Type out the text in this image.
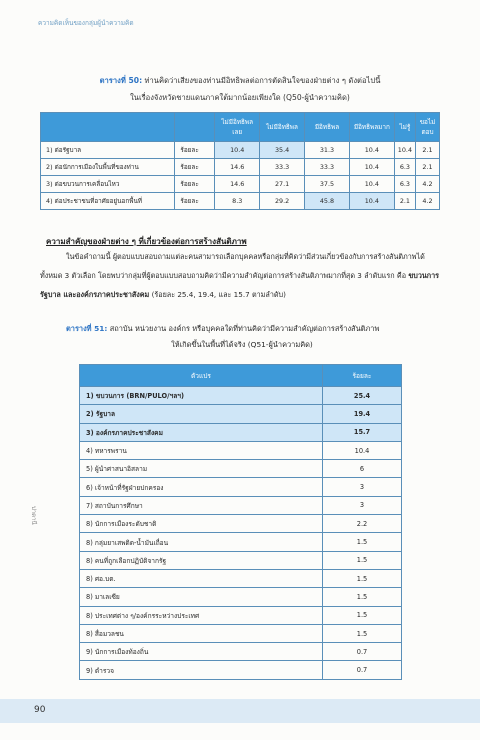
ความคิดเห็นของกลุ่มผู้นำความคิด
ตารางที่ 50: ท่านคิดว่าเสียงของท่านมีอิทธิพลต่อการตัดสินใจของฝ่ายต่าง ๆ ดังต่อไปนี้
ในเรื่องจังหวัดชายแดนภาคใต้มากน้อยเพียงใด (Q50-ผู้นำความคิด)
		ไม่มีอิทธิพลเลย	ไม่มีอิทธิพล	มีอิทธิพล	มีอิทธิพลมาก	ไม่รู้	ขอไม่ตอบ
1) ต่อรัฐบาล	ร้อยละ	10.4	35.4	31.3	10.4	10.4	2.1
2) ต่อนักการเมืองในพื้นที่ของท่าน	ร้อยละ	14.6	33.3	33.3	10.4	6.3	2.1
3) ต่อขบวนการเคลื่อนไหว	ร้อยละ	14.6	27.1	37.5	10.4	6.3	4.2
4) ต่อประชาชนที่อาศัยอยู่นอกพื้นที่	ร้อยละ	8.3	29.2	45.8	10.4	2.1	4.2
ความสำคัญของฝ่ายต่าง ๆ ที่เกี่ยวข้องต่อการสร้างสันติภาพ
ในข้อคำถามนี้ ผู้ตอบแบบสอบถามแต่ละคนสามารถเลือกบุคคลหรือกลุ่มที่คิดว่ามีส่วนเกี่ยวข้องกับการสร้างสันติภาพได้ทั้งหมด 3 ตัวเลือก โดยพบว่ากลุ่มที่ผู้ตอบแบบสอบถามคิดว่ามีความสำคัญต่อการสร้างสันติภาพมากที่สุด 3 ลำดับแรก คือ ขบวนการ รัฐบาล และองค์กรภาคประชาสังคม (ร้อยละ 25.4, 19.4, และ 15.7 ตามลำดับ)
ตารางที่ 51: สถาบัน หน่วยงาน องค์กร หรือบุคคลใดที่ท่านคิดว่ามีความสำคัญต่อการสร้างสันติภาพ
ให้เกิดขึ้นในพื้นที่ได้จริง (Q51-ผู้นำความคิด)
ตัวแปร	ร้อยละ
1) ขบวนการ (BRN/PULO/ฯลฯ)	25.4
2) รัฐบาล	19.4
3) องค์กรภาคประชาสังคม	15.7
4) ทหารพราน	10.4
5) ผู้นำศาสนาอิสลาม	6
6) เจ้าหน้าที่รัฐฝ่ายปกครอง	3
7) สถาบันการศึกษา	3
8) นักการเมืองระดับชาติ	2.2
8) กลุ่มยาเสพติด-น้ำมันเถื่อน	1.5
8) คนที่ถูกเลือกปฏิบัติจากรัฐ	1.5
8) ศอ.บต.	1.5
8) มาเลเซีย	1.5
8) ประเทศต่าง ๆ/องค์กรระหว่างประเทศ	1.5
8) สื่อมวลชน	1.5
9) นักการเมืองท้องถิ่น	0.7
9) ตำรวจ	0.7
ปาตานี
90
